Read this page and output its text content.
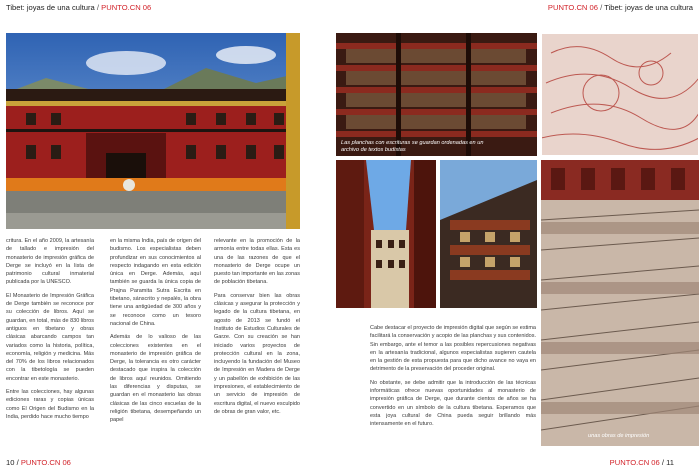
Tibet: joyas de una cultura / PUNTO.CN 06	PUNTO.CN 06 / Tibet: joyas de una cultura

critura. En el año 2009, la artesanía de tallado e impresión del monasterio de impresión gráfica de Derge se incluyó en la lista de patrimonio cultural inmaterial publicada por la UNESCO.

El Monasterio de Impresión Gráfica de Derge también se reconoce por su colección de libros. Aquí se guardan, en total, más de 830 libros antiguos en tibetano y obras clásicas abarcando campos tan variados como la historia, política, economía, religión y medicina. Más del 70% de los libros relacionados con la tibetología se pueden encontrar en este monasterio.

Entre las colecciones, hay algunas ediciones raras y copias únicas como El Origen del Budismo en la India, perdido hace mucho tiempo

en la misma India, país de origen del budismo. Los especialistas deben profundizar en sus conocimientos al respecto indagando en esta edición única en Derge. Además, aquí también se guarda la única copia de Prajna Paramita Sutra Escrita en tibetano, sánscrito y nepalés, la obra tiene una antigüedad de 300 años y se reconoce como un tesoro nacional de China.

Además de lo valioso de las colecciones existentes en el monasterio de impresión gráfica de Derge, la tolerancia es otro carácter destacado que inspira la colección de libros aquí reunidos. Omitiendo las diferencias y disputas, se guardan en el monasterio las obras clásicas de las cinco escuelas de la religión tibetana, desempeñando un papel

relevante en la promoción de la armonía entre todas ellas. Esta es una de las razones de que el monasterio de Derge ocupe un puesto tan importante en las zonas de población tibetana.

Para conservar bien las obras clásicas y asegurar la protección y legado de la cultura tibetana, en agosto de 2013 se fundó el Instituto de Estudios Culturales de Garze. Con su creación se han iniciado varios proyectos de protección cultural en la zona, incluyendo la fundación del Museo de Impresión en Madera de Derge y un pabellón de exhibición de las impresiones, el establecimiento de un servicio de impresión de escritura digital, el nuevo esculpido de obras de gran valor, etc.

Las planchas con escrituras se guardan ordenadas en un archivo de textos budistas
unas obras de impresión

Cabe destacar el proyecto de impresión digital que según se estima facilitará la conservación y acopio de las planchas y sus contenidos. Sin embargo, ante el temor a las posibles repercusiones negativas en la artesanía tradicional, algunos especialistas sugieren cautela en la gestión de esta propuesta para que dicho avance no vaya en detrimento de la preservación del proceder original.

No obstante, se debe admitir que la introducción de las técnicas informáticas ofrece nuevas oportunidades al monasterio de impresión gráfica de Derge, que durante cientos de años se ha convertido en un símbolo de la cultura tibetana. Esperamos que esta joya cultural de China pueda seguir brillando más intensamente en el futuro.

10 / PUNTO.CN 06	PUNTO.CN 06 / 11
